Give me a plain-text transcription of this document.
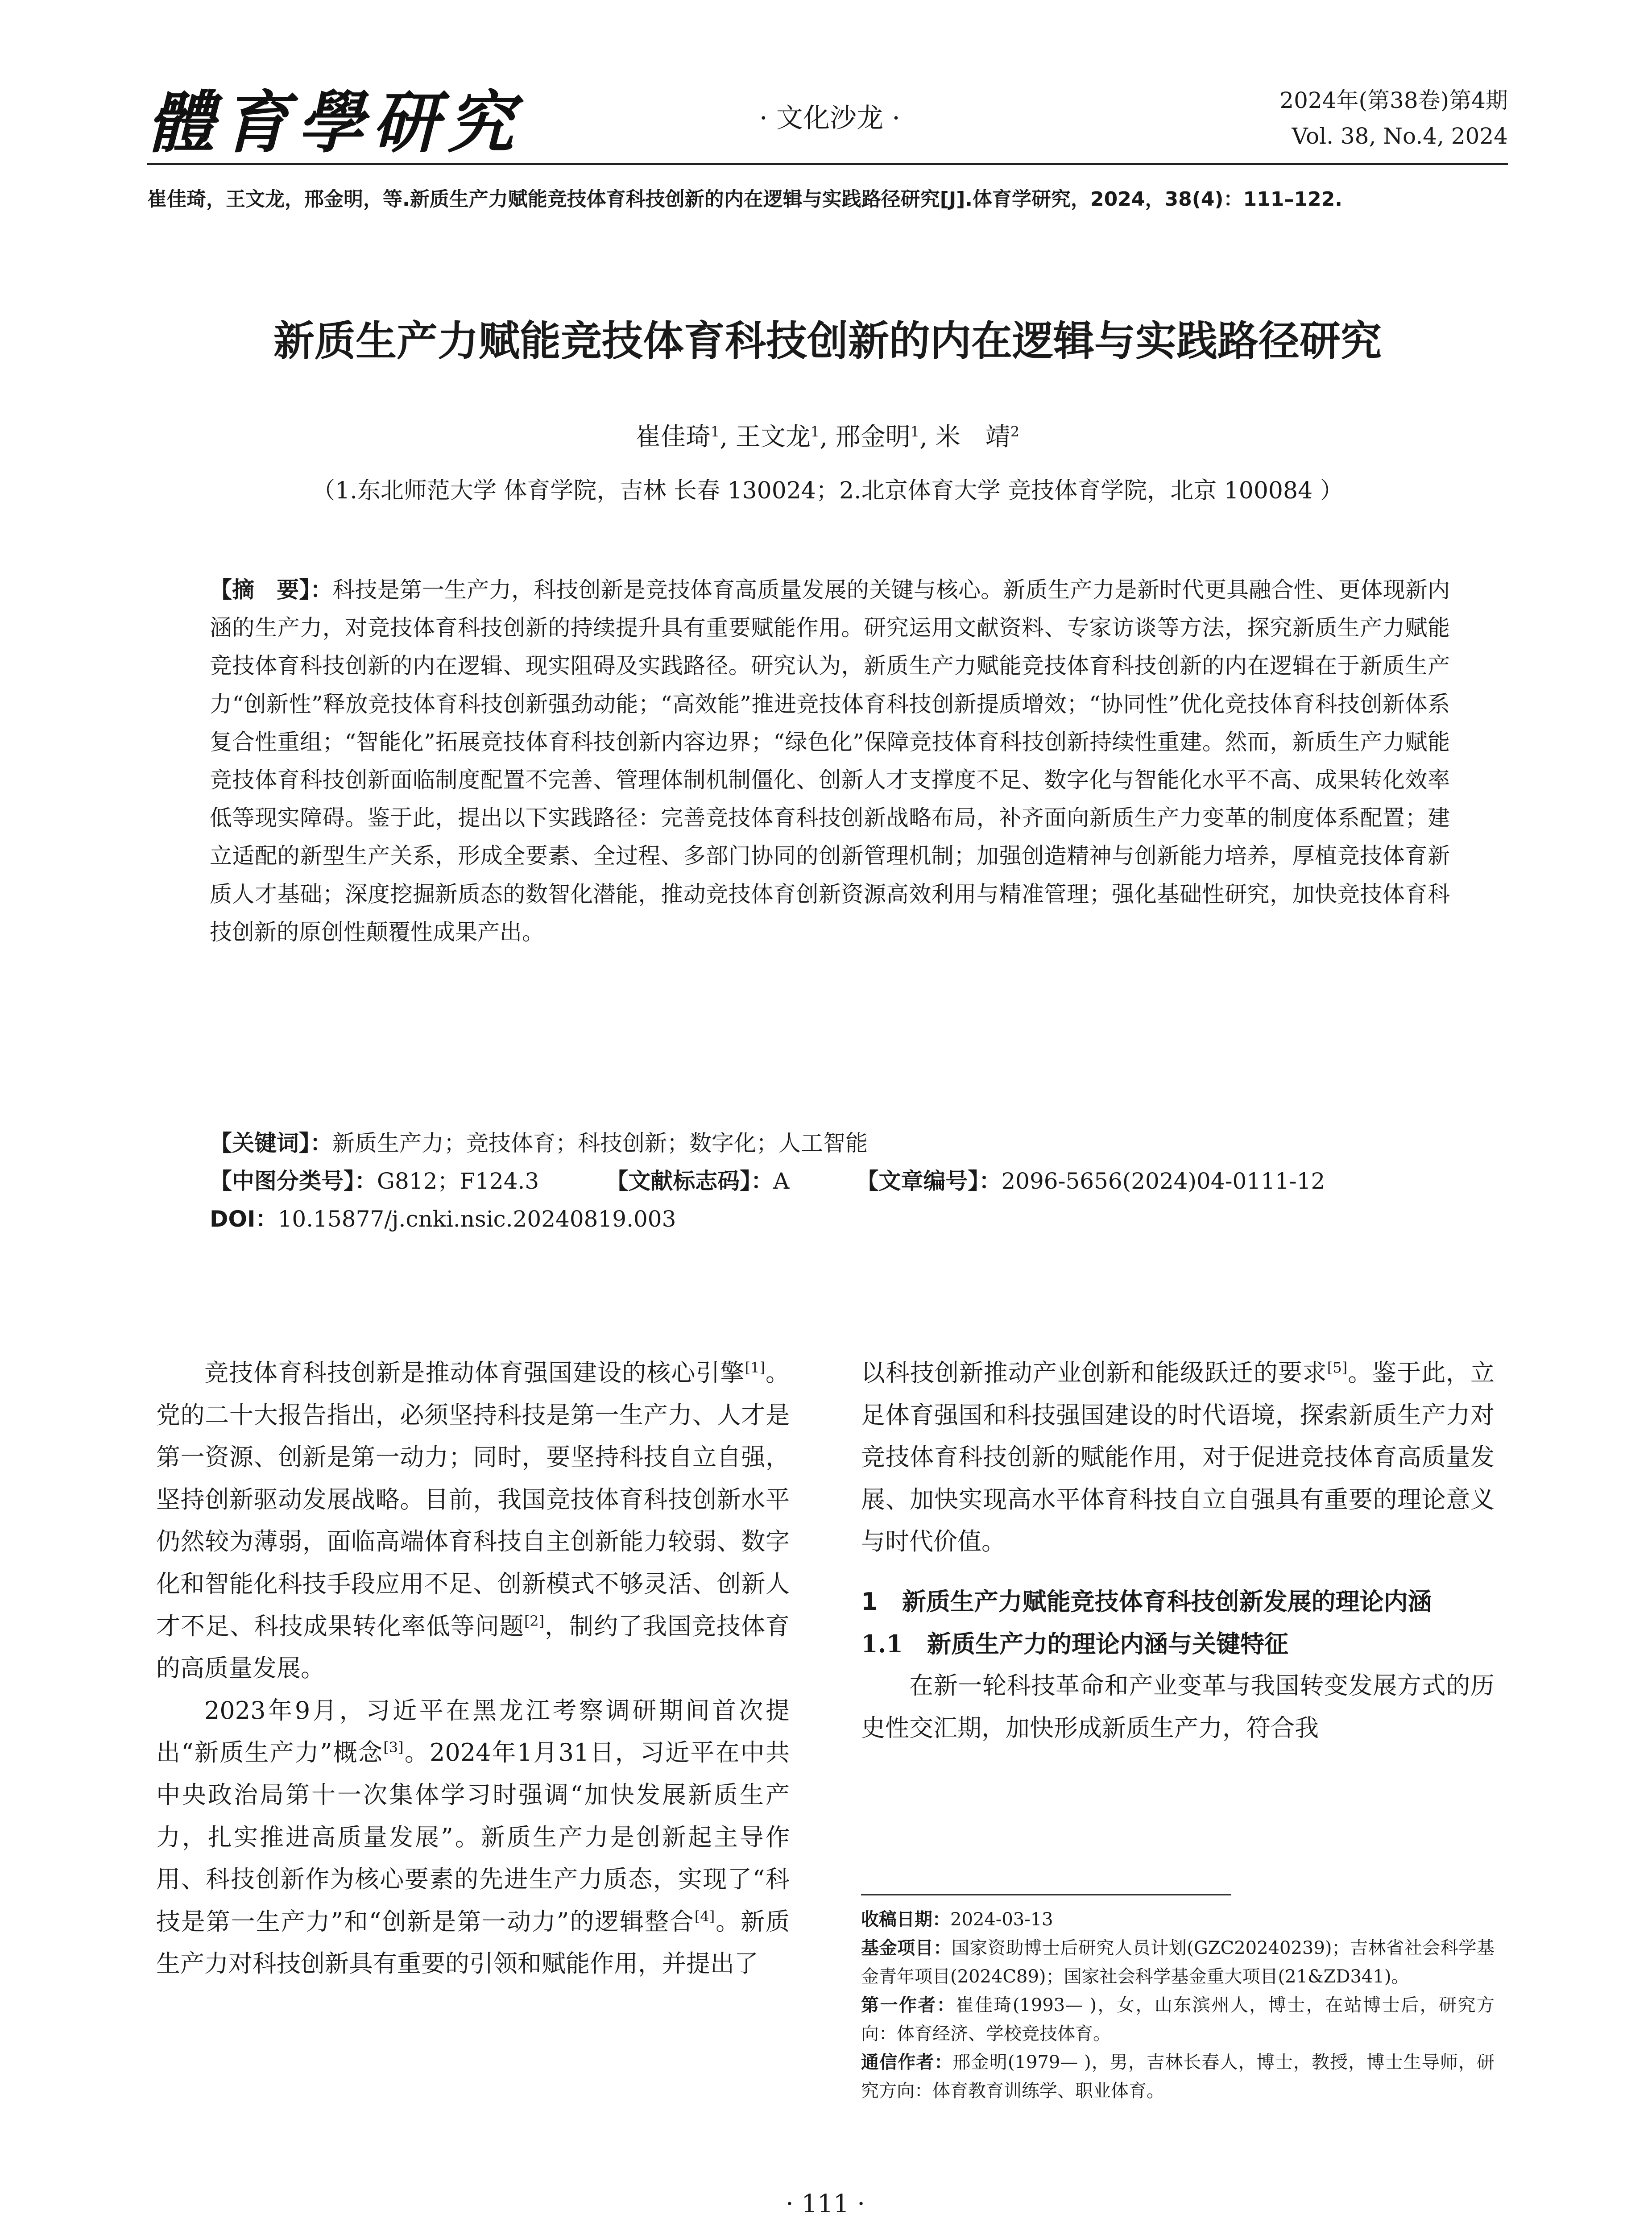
體育學研究	· 文化沙龙 ·
2024年(第38卷)第4期
Vol. 38, No.4, 2024
崔佳琦，王文龙，邢金明，等.新质生产力赋能竞技体育科技创新的内在逻辑与实践路径研究[J].体育学研究，2024，38(4)：111–122.
新质生产力赋能竞技体育科技创新的内在逻辑与实践路径研究
崔佳琦$^1$, 王文龙$^1$, 邢金明$^1$, 米　靖$^2$
（1.东北师范大学 体育学院，吉林 长春 130024；2.北京体育大学 竞技体育学院，北京 100084 ）
【摘　要】：科技是第一生产力，科技创新是竞技体育高质量发展的关键与核心。新质生产力是新时代更具融合性、更体现新内涵的生产力，对竞技体育科技创新的持续提升具有重要赋能作用。研究运用文献资料、专家访谈等方法，探究新质生产力赋能竞技体育科技创新的内在逻辑、现实阻碍及实践路径。研究认为，新质生产力赋能竞技体育科技创新的内在逻辑在于新质生产力“创新性”释放竞技体育科技创新强劲动能；“高效能”推进竞技体育科技创新提质增效；“协同性”优化竞技体育科技创新体系复合性重组；“智能化”拓展竞技体育科技创新内容边界；“绿色化”保障竞技体育科技创新持续性重建。然而，新质生产力赋能竞技体育科技创新面临制度配置不完善、管理体制机制僵化、创新人才支撑度不足、数字化与智能化水平不高、成果转化效率低等现实障碍。鉴于此，提出以下实践路径：完善竞技体育科技创新战略布局，补齐面向新质生产力变革的制度体系配置；建立适配的新型生产关系，形成全要素、全过程、多部门协同的创新管理机制；加强创造精神与创新能力培养，厚植竞技体育新质人才基础；深度挖掘新质态的数智化潜能，推动竞技体育创新资源高效利用与精准管理；强化基础性研究，加快竞技体育科技创新的原创性颠覆性成果产出。
【关键词】：新质生产力；竞技体育；科技创新；数字化；人工智能
【中图分类号】：G812；F124.3	【文献标志码】：A	【文章编号】：2096-5656(2024)04-0111-12
DOI：10.15877/j.cnki.nsic.20240819.003

竞技体育科技创新是推动体育强国建设的核心引擎[1]。党的二十大报告指出，必须坚持科技是第一生产力、人才是第一资源、创新是第一动力；同时，要坚持科技自立自强，坚持创新驱动发展战略。目前，我国竞技体育科技创新水平仍然较为薄弱，面临高端体育科技自主创新能力较弱、数字化和智能化科技手段应用不足、创新模式不够灵活、创新人才不足、科技成果转化率低等问题[2]，制约了我国竞技体育的高质量发展。

2023年9月，习近平在黑龙江考察调研期间首次提出“新质生产力”概念[3]。2024年1月31日，习近平在中共中央政治局第十一次集体学习时强调“加快发展新质生产力，扎实推进高质量发展”。新质生产力是创新起主导作用、科技创新作为核心要素的先进生产力质态，实现了“科技是第一生产力”和“创新是第一动力”的逻辑整合[4]。新质生产力对科技创新具有重要的引领和赋能作用，并提出了

以科技创新推动产业创新和能级跃迁的要求[5]。鉴于此，立足体育强国和科技强国建设的时代语境，探索新质生产力对竞技体育科技创新的赋能作用，对于促进竞技体育高质量发展、加快实现高水平体育科技自立自强具有重要的理论意义与时代价值。

1　新质生产力赋能竞技体育科技创新发展的理论内涵
1.1　新质生产力的理论内涵与关键特征

在新一轮科技革命和产业变革与我国转变发展方式的历史性交汇期，加快形成新质生产力，符合我

收稿日期：2024-03-13

基金项目：国家资助博士后研究人员计划(GZC20240239)；吉林省社会科学基金青年项目(2024C89)；国家社会科学基金重大项目(21&ZD341)。

第一作者：崔佳琦(1993— )，女，山东滨州人，博士，在站博士后，研究方向：体育经济、学校竞技体育。

通信作者：邢金明(1979— )，男，吉林长春人，博士，教授，博士生导师，研究方向：体育教育训练学、职业体育。

· 111 ·
